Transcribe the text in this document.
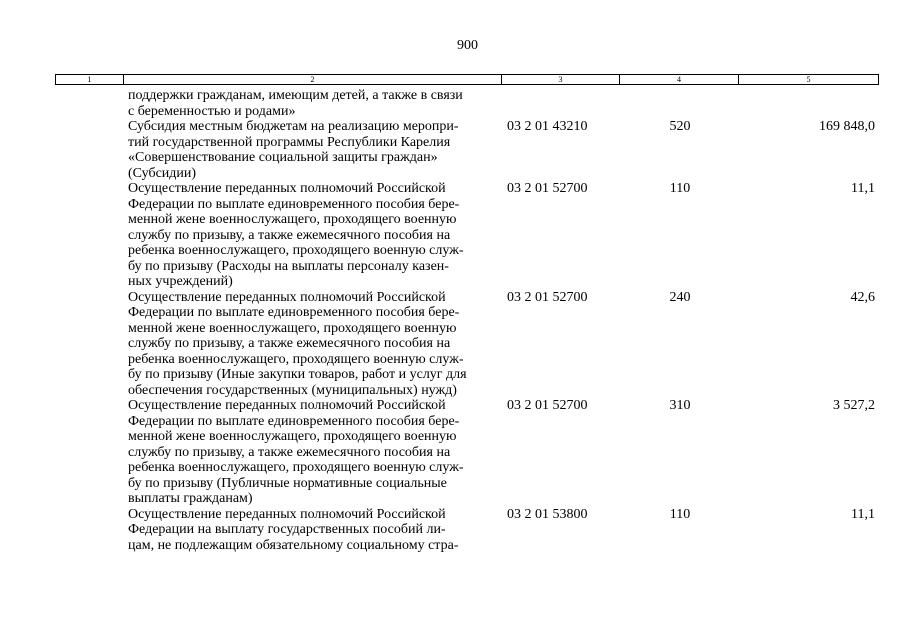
900
1	2	3	4	5
поддержки гражданам, имеющим детей, а также в связи
с беременностью и родами»
Субсидия местным бюджетам на реализацию меропри-
тий государственной программы Республики Карелия
«Совершенствование социальной защиты граждан»
(Субсидии)
03 2 01 43210	520	169 848,0
Осуществление переданных полномочий Российской
Федерации по выплате единовременного пособия бере-
менной жене военнослужащего, проходящего военную
службу по призыву, а также ежемесячного пособия на
ребенка военнослужащего, проходящего военную служ-
бу по призыву (Расходы на выплаты персоналу казен-
ных учреждений)
03 2 01 52700	110	11,1
Осуществление переданных полномочий Российской
Федерации по выплате единовременного пособия бере-
менной жене военнослужащего, проходящего военную
службу по призыву, а также ежемесячного пособия на
ребенка военнослужащего, проходящего военную служ-
бу по призыву (Иные закупки товаров, работ и услуг для
обеспечения государственных (муниципальных) нужд)
03 2 01 52700	240	42,6
Осуществление переданных полномочий Российской
Федерации по выплате единовременного пособия бере-
менной жене военнослужащего, проходящего военную
службу по призыву, а также ежемесячного пособия на
ребенка военнослужащего, проходящего военную служ-
бу по призыву (Публичные нормативные социальные
выплаты гражданам)
03 2 01 52700	310	3 527,2
Осуществление переданных полномочий Российской
Федерации на выплату государственных пособий ли-
цам, не подлежащим обязательному социальному стра-
03 2 01 53800	110	11,1
